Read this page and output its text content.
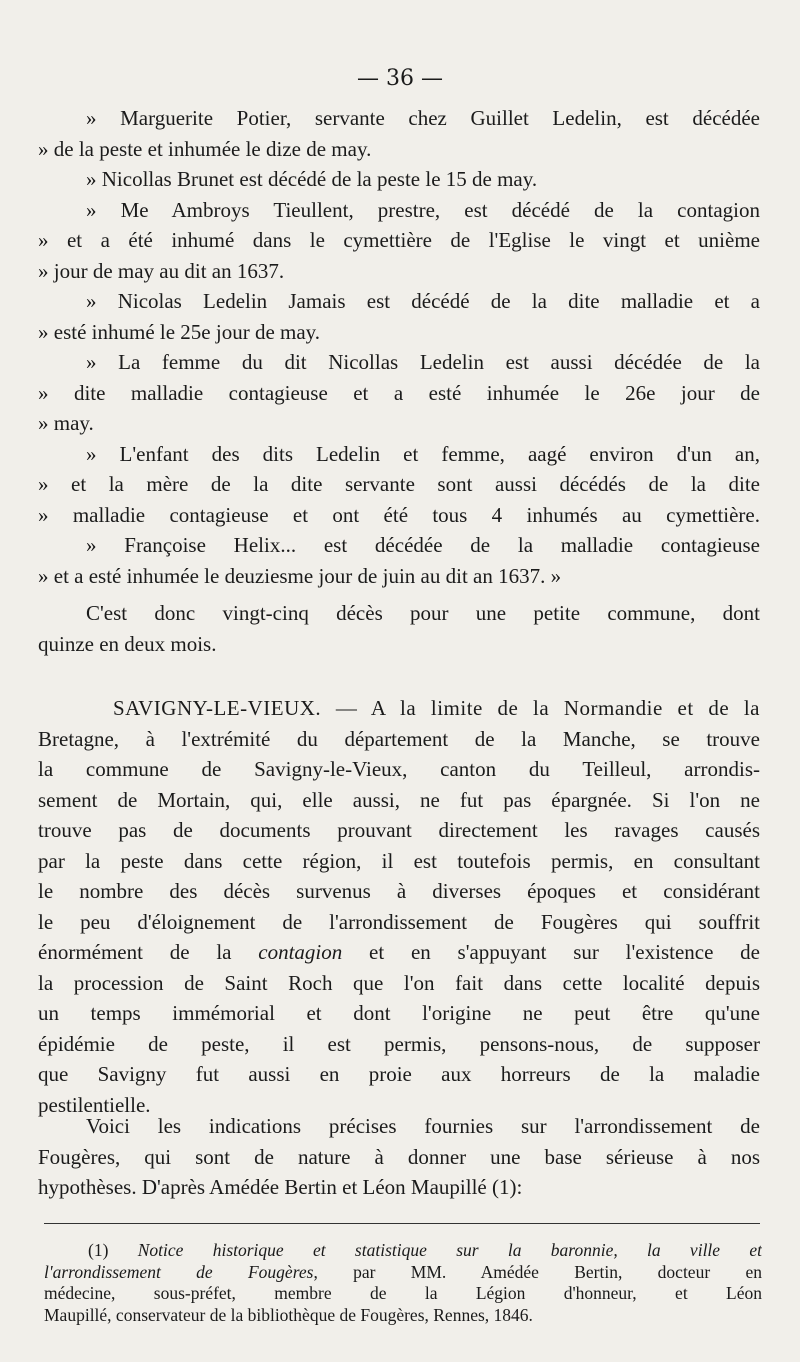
— 36 —
» Marguerite Potier, servante chez Guillet Ledelin, est décédée
» de la peste et inhumée le dize de may.
» Nicollas Brunet est décédé de la peste le 15 de may.
» Me Ambroys Tieullent, prestre, est décédé de la contagion
» et a été inhumé dans le cymettière de l'Eglise le vingt et unième
» jour de may au dit an 1637.
» Nicolas Ledelin Jamais est décédé de la dite malladie et a
» esté inhumé le 25e jour de may.
» La femme du dit Nicollas Ledelin est aussi décédée de la
» dite malladie contagieuse et a esté inhumée le 26e jour de
» may.
» L'enfant des dits Ledelin et femme, aagé environ d'un an,
» et la mère de la dite servante sont aussi décédés de la dite
» malladie contagieuse et ont été tous 4 inhumés au cymettière.
» Françoise Helix... est décédée de la malladie contagieuse
» et a esté inhumée le deuziesme jour de juin au dit an 1637. »
C'est donc vingt-cinq décès pour une petite commune, dont
quinze en deux mois.
SAVIGNY-LE-VIEUX. — A la limite de la Normandie et de la
Bretagne, à l'extrémité du département de la Manche, se trouve
la commune de Savigny-le-Vieux, canton du Teilleul, arrondis-
sement de Mortain, qui, elle aussi, ne fut pas épargnée. Si l'on ne
trouve pas de documents prouvant directement les ravages causés
par la peste dans cette région, il est toutefois permis, en consultant
le nombre des décès survenus à diverses époques et considérant
le peu d'éloignement de l'arrondissement de Fougères qui souffrit
énormément de la contagion et en s'appuyant sur l'existence de
la procession de Saint Roch que l'on fait dans cette localité depuis
un temps immémorial et dont l'origine ne peut être qu'une
épidémie de peste, il est permis, pensons-nous, de supposer
que Savigny fut aussi en proie aux horreurs de la maladie
pestilentielle.
Voici les indications précises fournies sur l'arrondissement de
Fougères, qui sont de nature à donner une base sérieuse à nos
hypothèses. D'après Amédée Bertin et Léon Maupillé (1):
(1) Notice historique et statistique sur la baronnie, la ville et
l'arrondissement de Fougères, par MM. Amédée Bertin, docteur en
médecine, sous-préfet, membre de la Légion d'honneur, et Léon
Maupillé, conservateur de la bibliothèque de Fougères, Rennes, 1846.
